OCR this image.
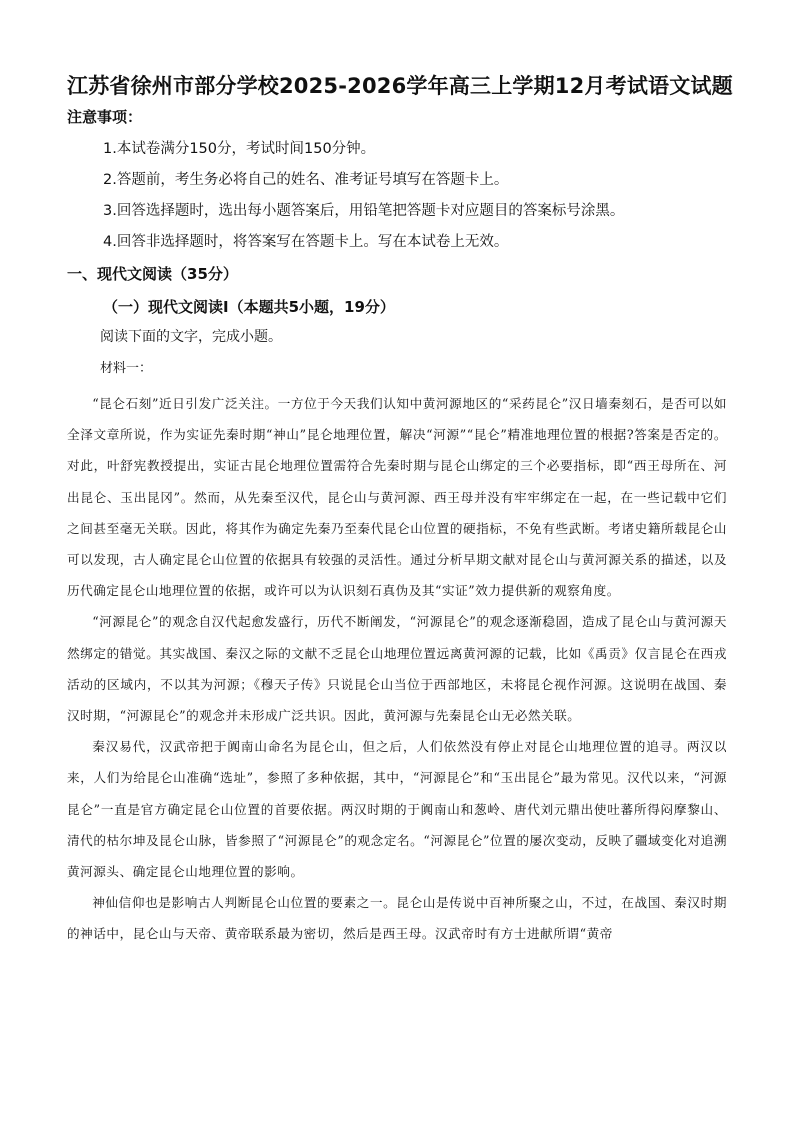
江苏省徐州市部分学校2025-2026学年高三上学期12月考试语文试题
注意事项：
1.本试卷满分150分，考试时间150分钟。
2.答题前，考生务必将自己的姓名、准考证号填写在答题卡上。
3.回答选择题时，选出每小题答案后，用铅笔把答题卡对应题目的答案标号涂黑。
4.回答非选择题时，将答案写在答题卡上。写在本试卷上无效。
一、现代文阅读（35分）
（一）现代文阅读Ⅰ（本题共5小题，19分）
阅读下面的文字，完成小题。
材料一：

“昆仑石刻”近日引发广泛关注。一方位于今天我们认知中黄河源地区的“采药昆仑”汉日墙秦刻石，是否可以如全泽文章所说，作为实证先秦时期“神山”昆仑地理位置，解决“河源”“昆仑”精准地理位置的根据?答案是否定的。对此，叶舒宪教授提出，实证古昆仑地理位置需符合先秦时期与昆仑山绑定的三个必要指标，即“西王母所在、河出昆仑、玉出昆冈”。然而，从先秦至汉代，昆仑山与黄河源、西王母并没有牢牢绑定在一起，在一些记载中它们之间甚至毫无关联。因此，将其作为确定先秦乃至秦代昆仑山位置的硬指标，不免有些武断。考诸史籍所载昆仑山可以发现，古人确定昆仑山位置的依据具有较强的灵活性。通过分析早期文献对昆仑山与黄河源关系的描述，以及历代确定昆仑山地理位置的依据，或许可以为认识刻石真伪及其“实证”效力提供新的观察角度。

“河源昆仑”的观念自汉代起愈发盛行，历代不断阐发，“河源昆仑”的观念逐渐稳固，造成了昆仑山与黄河源天然绑定的错觉。其实战国、秦汉之际的文献不乏昆仑山地理位置远离黄河源的记载，比如《禹贡》仅言昆仑在西戎活动的区域内，不以其为河源；《穆天子传》只说昆仑山当位于西部地区，未将昆仑视作河源。这说明在战国、秦汉时期，“河源昆仑”的观念并未形成广泛共识。因此，黄河源与先秦昆仑山无必然关联。

秦汉易代，汉武帝把于阗南山命名为昆仑山，但之后，人们依然没有停止对昆仑山地理位置的追寻。两汉以来，人们为给昆仑山准确“选址”，参照了多种依据，其中，“河源昆仑”和“玉出昆仑”最为常见。汉代以来，“河源昆仑”一直是官方确定昆仑山位置的首要依据。两汉时期的于阗南山和葱岭、唐代刘元鼎出使吐蕃所得闷摩黎山、清代的枯尔坤及昆仑山脉，皆参照了“河源昆仑”的观念定名。“河源昆仑”位置的屡次变动，反映了疆域变化对追溯黄河源头、确定昆仑山地理位置的影响。

神仙信仰也是影响古人判断昆仑山位置的要素之一。昆仑山是传说中百神所聚之山，不过，在战国、秦汉时期的神话中，昆仑山与天帝、黄帝联系最为密切，然后是西王母。汉武帝时有方士进献所谓“黄帝
